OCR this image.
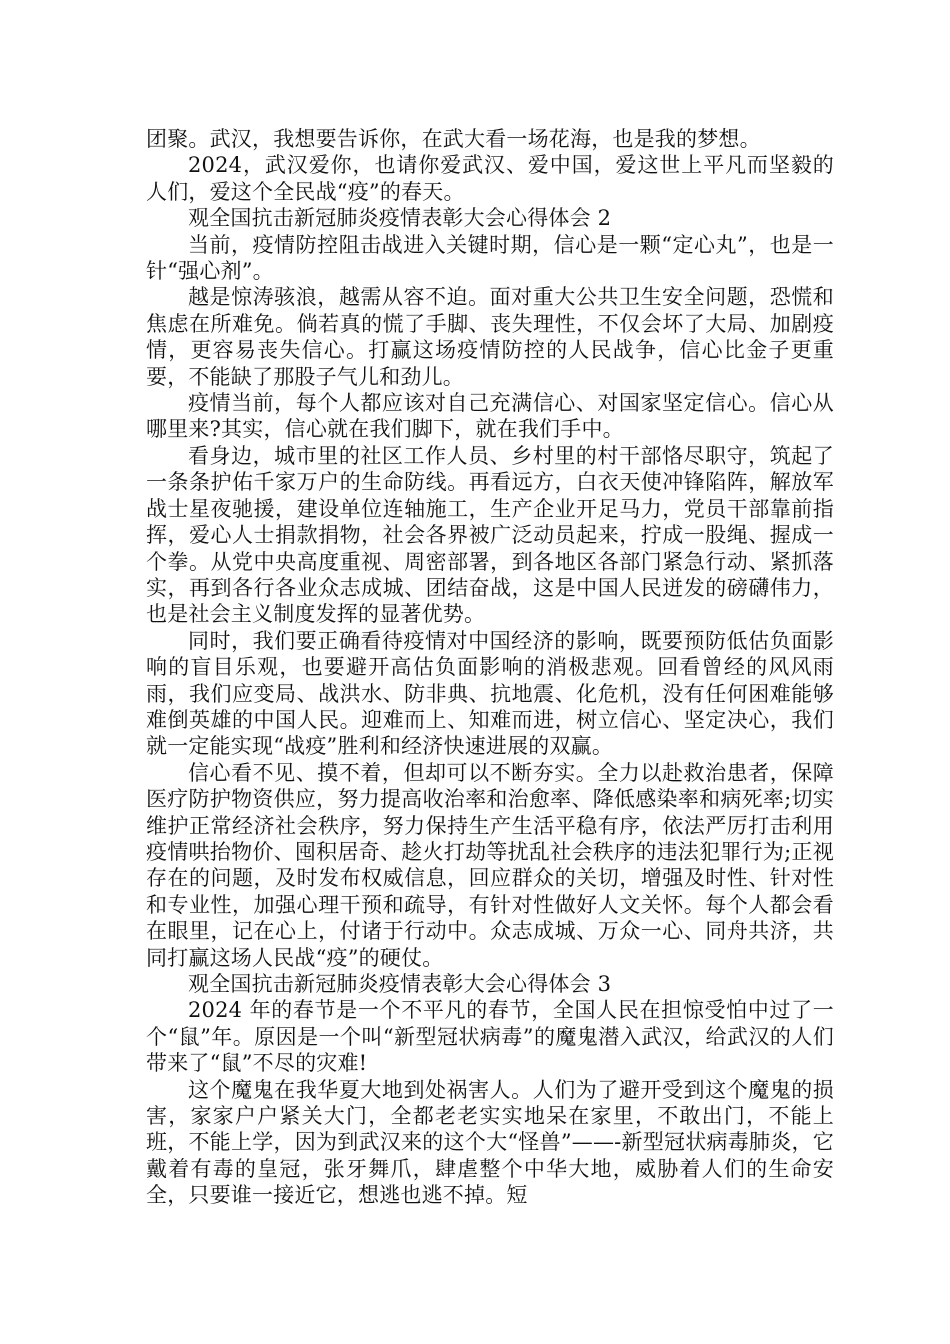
团聚。武汉，我想要告诉你，在武大看一场花海，也是我的梦想。

2024，武汉爱你，也请你爱武汉、爱中国，爱这世上平凡而坚毅的人们，爱这个全民战“疫”的春天。

观全国抗击新冠肺炎疫情表彰大会心得体会 2

当前，疫情防控阻击战进入关键时期，信心是一颗“定心丸”，也是一针“强心剂”。

越是惊涛骇浪，越需从容不迫。面对重大公共卫生安全问题，恐慌和焦虑在所难免。倘若真的慌了手脚、丧失理性，不仅会坏了大局、加剧疫情，更容易丧失信心。打赢这场疫情防控的人民战争，信心比金子更重要，不能缺了那股子气儿和劲儿。

疫情当前，每个人都应该对自己充满信心、对国家坚定信心。信心从哪里来?其实，信心就在我们脚下，就在我们手中。

看身边，城市里的社区工作人员、乡村里的村干部恪尽职守，筑起了一条条护佑千家万户的生命防线。再看远方，白衣天使冲锋陷阵，解放军战士星夜驰援，建设单位连轴施工，生产企业开足马力，党员干部靠前指挥，爱心人士捐款捐物，社会各界被广泛动员起来，拧成一股绳、握成一个拳。从党中央高度重视、周密部署，到各地区各部门紧急行动、紧抓落实，再到各行各业众志成城、团结奋战，这是中国人民迸发的磅礴伟力，也是社会主义制度发挥的显著优势。

同时，我们要正确看待疫情对中国经济的影响，既要预防低估负面影响的盲目乐观，也要避开高估负面影响的消极悲观。回看曾经的风风雨雨，我们应变局、战洪水、防非典、抗地震、化危机，没有任何困难能够难倒英雄的中国人民。迎难而上、知难而进，树立信心、坚定决心，我们就一定能实现“战疫”胜利和经济快速进展的双赢。

信心看不见、摸不着，但却可以不断夯实。全力以赴救治患者，保障医疗防护物资供应，努力提高收治率和治愈率、降低感染率和病死率;切实维护正常经济社会秩序，努力保持生产生活平稳有序，依法严厉打击利用疫情哄抬物价、囤积居奇、趁火打劫等扰乱社会秩序的违法犯罪行为;正视存在的问题，及时发布权威信息，回应群众的关切，增强及时性、针对性和专业性，加强心理干预和疏导，有针对性做好人文关怀。每个人都会看在眼里，记在心上，付诸于行动中。众志成城、万众一心、同舟共济，共同打赢这场人民战“疫”的硬仗。

观全国抗击新冠肺炎疫情表彰大会心得体会 3

2024 年的春节是一个不平凡的春节，全国人民在担惊受怕中过了一个“鼠”年。原因是一个叫“新型冠状病毒”的魔鬼潜入武汉，给武汉的人们带来了“鼠”不尽的灾难!

这个魔鬼在我华夏大地到处祸害人。人们为了避开受到这个魔鬼的损害，家家户户紧关大门，全都老老实实地呆在家里，不敢出门，不能上班，不能上学，因为到武汉来的这个大“怪兽”——-新型冠状病毒肺炎，它戴着有毒的皇冠，张牙舞爪，肆虐整个中华大地，威胁着人们的生命安全，只要谁一接近它，想逃也逃不掉。短
